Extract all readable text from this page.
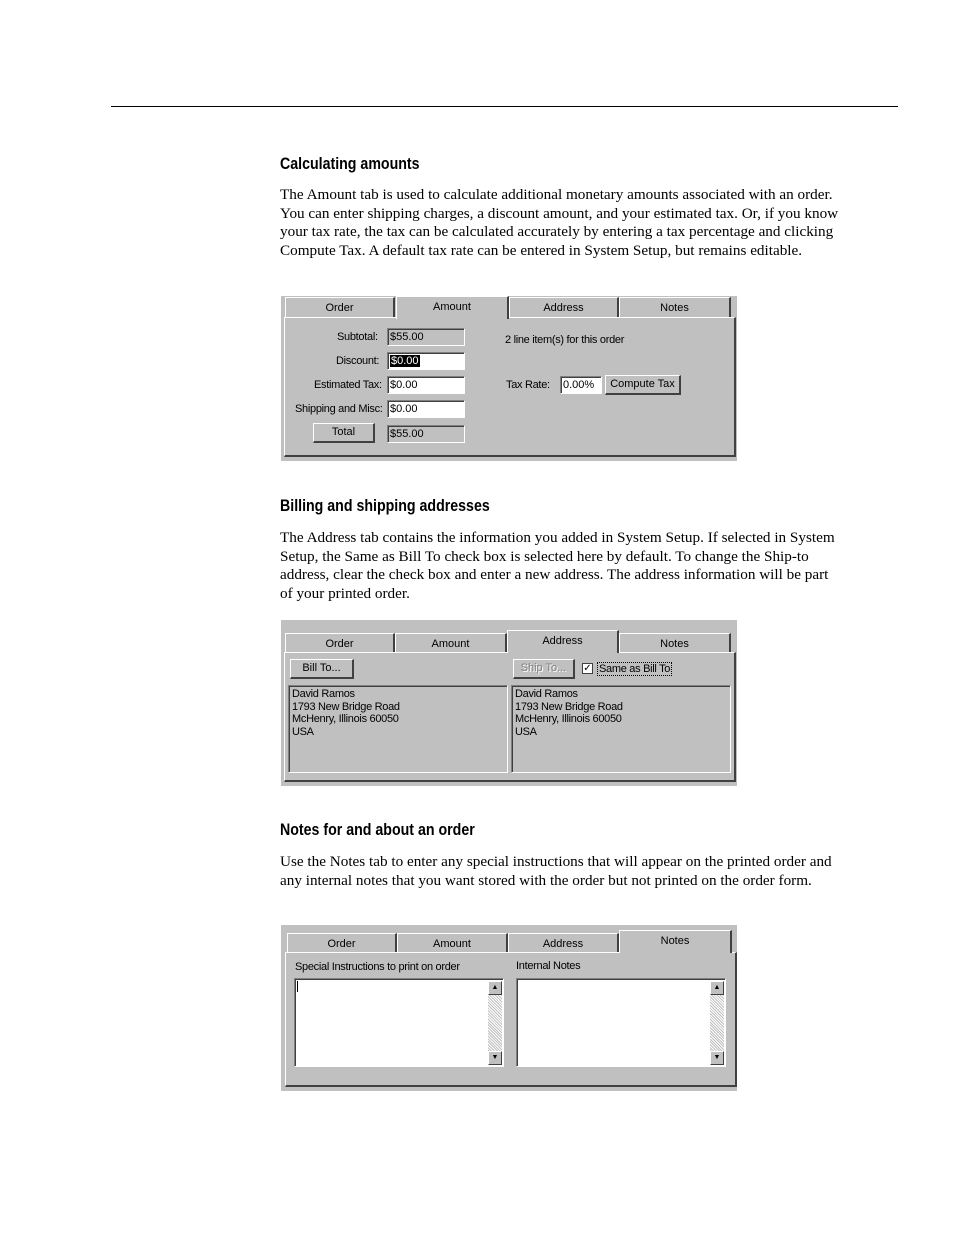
Calculating amounts

The Amount tab is used to calculate additional monetary amounts associated with an order. You can enter shipping charges, a discount amount, and your estimated tax. Or, if you know your tax rate, the tax can be calculated accurately by entering a tax percentage and clicking Compute Tax. A default tax rate can be entered in System Setup, but remains editable.

Order	Amount	Address	Notes
Subtotal: $55.00
Discount:	$0.00
Estimated Tax: $0.00
Shipping and Misc: $0.00
Total	$55.00
2 line item(s) for this order
Tax Rate: 0.00%	Compute Tax
Billing and shipping addresses

The Address tab contains the information you added in System Setup. If selected in System Setup, the Same as Bill To check box is selected here by default. To change the Ship-to address, clear the check box and enter a new address. The address information will be part of your printed order.

Order	Amount	Address	Notes
Bill To...	Ship To...	✓ Same as Bill To
David Ramos
1793 New Bridge Road
McHenry, Illinois 60050
USA
David Ramos
1793 New Bridge Road
McHenry, Illinois 60050
USA
Notes for and about an order

Use the Notes tab to enter any special instructions that will appear on the printed order and any internal notes that you want stored with the order but not printed on the order form.

Order	Amount	Address	Notes
Special Instructions to print on order	Internal Notes
▲
▼
▲
▼
